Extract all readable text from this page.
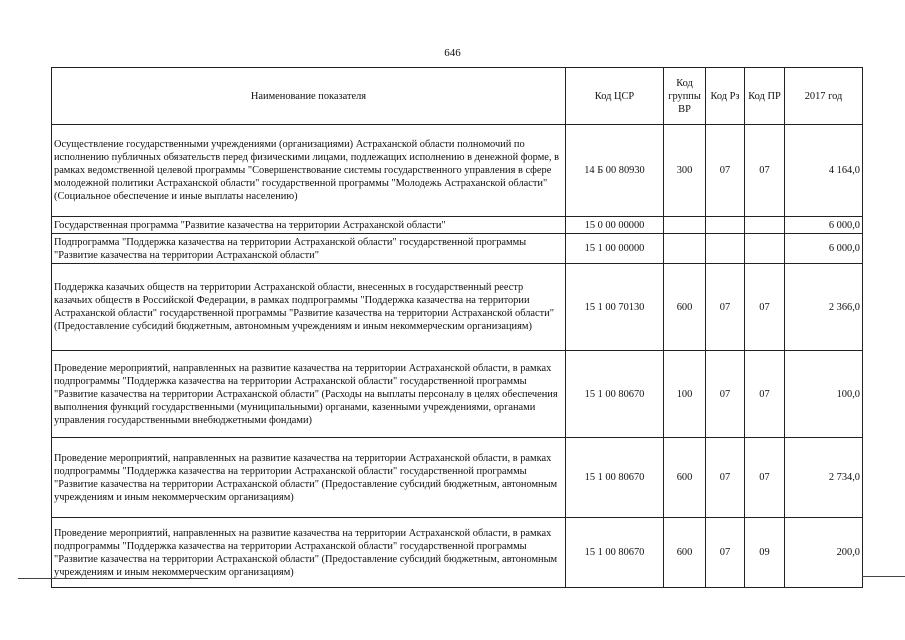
646
Наименование показателя	Код ЦСР	Код группы ВР	Код Рз	Код ПР	2017 год
Осуществление государственными учреждениями (организациями) Астраханской области полномочий по исполнению публичных обязательств перед физическими лицами, подлежащих исполнению в денежной форме, в рамках ведомственной целевой программы "Совершенствование системы государственного управления в сфере молодежной политики Астраханской области" государственной программы "Молодежь Астраханской области" (Социальное обеспечение и иные выплаты населению)	14 Б 00 80930	300	07	07	4 164,0
Государственная программа "Развитие казачества на территории Астраханской области"	15 0 00 00000				6 000,0
Подпрограмма "Поддержка казачества на территории Астраханской области" государственной программы "Развитие казачества на территории Астраханской области"	15 1 00 00000				6 000,0
Поддержка казачьих обществ на территории Астраханской области, внесенных в государственный реестр казачьих обществ в Российской Федерации, в рамках подпрограммы "Поддержка казачества на территории Астраханской области" государственной программы "Развитие казачества на территории Астраханской области" (Предоставление субсидий бюджетным, автономным учреждениям и иным некоммерческим организациям)	15 1 00 70130	600	07	07	2 366,0
Проведение мероприятий, направленных на развитие казачества на территории Астраханской области, в рамках подпрограммы "Поддержка казачества на территории Астраханской области" государственной программы "Развитие казачества на территории Астраханской области" (Расходы на выплаты персоналу в целях обеспечения выполнения функций государственными (муниципальными) органами, казенными учреждениями, органами управления государственными внебюджетными фондами)	15 1 00 80670	100	07	07	100,0
Проведение мероприятий, направленных на развитие казачества на территории Астраханской области, в рамках подпрограммы "Поддержка казачества на территории Астраханской области" государственной программы "Развитие казачества на территории Астраханской области" (Предоставление субсидий бюджетным, автономным учреждениям и иным некоммерческим организациям)	15 1 00 80670	600	07	07	2 734,0
Проведение мероприятий, направленных на развитие казачества на территории Астраханской области, в рамках подпрограммы "Поддержка казачества на территории Астраханской области" государственной программы "Развитие казачества на территории Астраханской области" (Предоставление субсидий бюджетным, автономным учреждениям и иным некоммерческим организациям)	15 1 00 80670	600	07	09	200,0
